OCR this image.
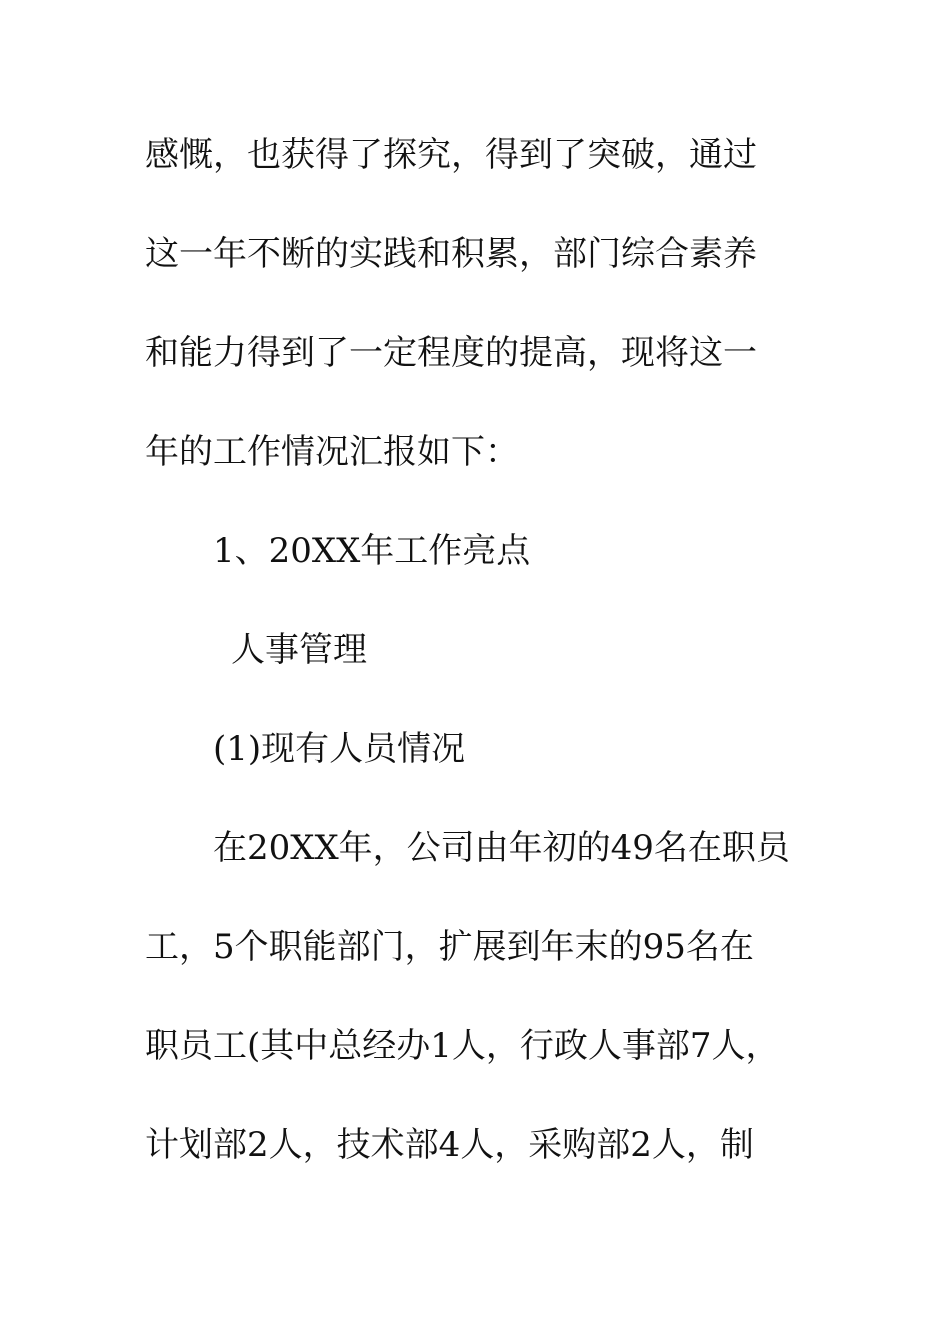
感慨，也获得了探究，得到了突破，通过
这一年不断的实践和积累，部门综合素养
和能力得到了一定程度的提高，现将这一
年的工作情况汇报如下：
1、20XX年工作亮点
人事管理
(1)现有人员情况
在20XX年，公司由年初的49名在职员
工，5个职能部门，扩展到年末的95名在
职员工(其中总经办1人，行政人事部7人，
计划部2人，技术部4人，采购部2人，制
